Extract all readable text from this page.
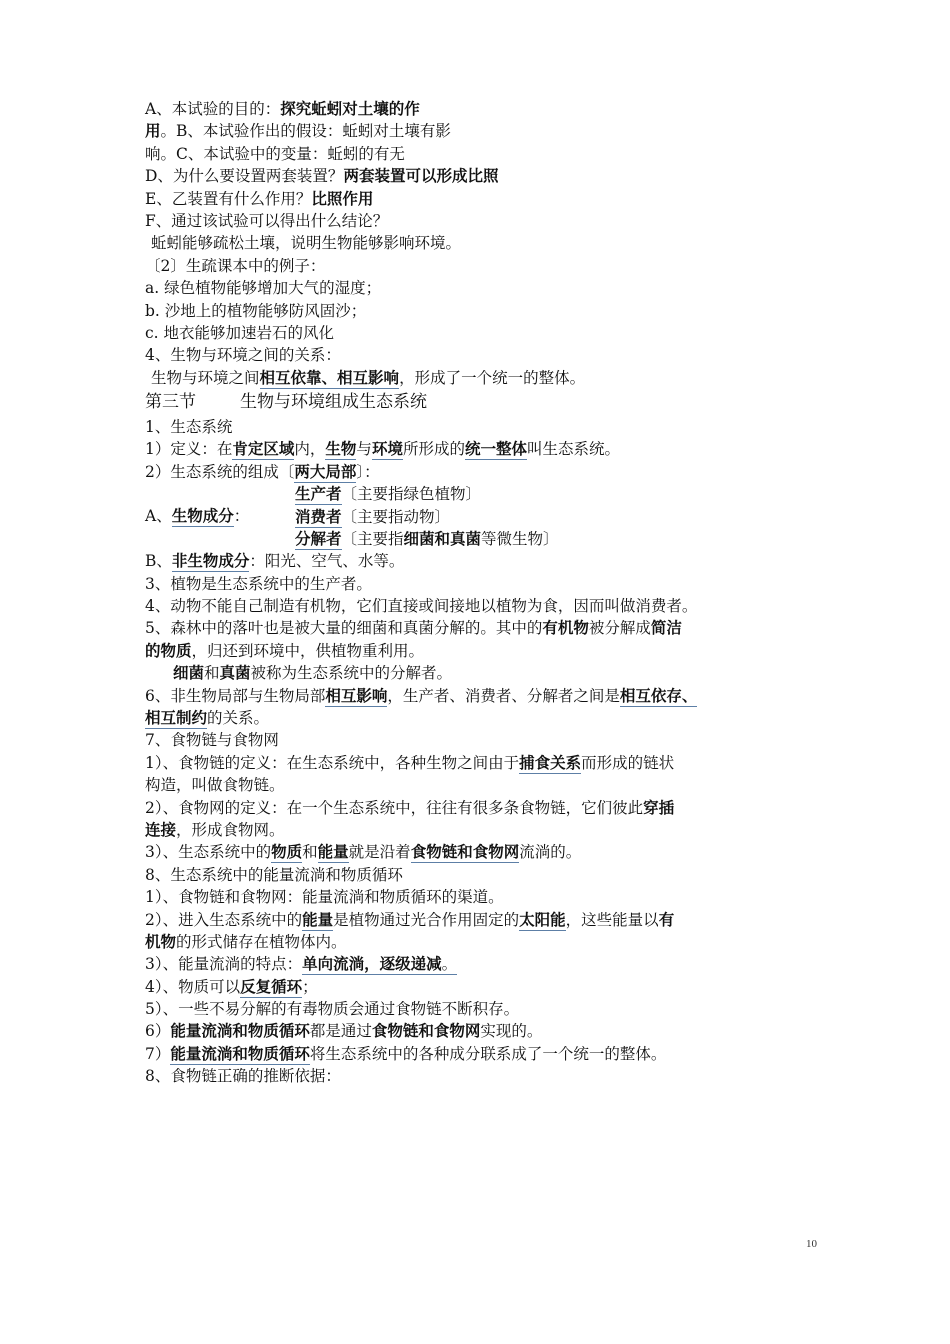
A、本试验的目的：探究蚯蚓对土壤的作
用。B、本试验作出的假设：蚯蚓对土壤有影
响。C、本试验中的变量：蚯蚓的有无
D、为什么要设置两套装置？两套装置可以形成比照
E、乙装置有什么作用？比照作用
F、通过该试验可以得出什么结论？
蚯蚓能够疏松土壤，说明生物能够影响环境。
〔2〕生疏课本中的例子：
a. 绿色植物能够增加大气的湿度；
b. 沙地上的植物能够防风固沙；
c. 地衣能够加速岩石的风化
4、生物与环境之间的关系：
生物与环境之间相互依靠、相互影响，形成了一个统一的整体。
第三节	生物与环境组成生态系统
1、生态系统
1）定义：在肯定区域内，生物与环境所形成的统一整体叫生态系统。
2）生态系统的组成〔两大局部〕：
A、生物成分：
生产者〔主要指绿色植物〕
消费者〔主要指动物〕
分解者〔主要指细菌和真菌等微生物〕
B、非生物成分：阳光、空气、水等。
3、植物是生态系统中的生产者。
4、动物不能自己制造有机物，它们直接或间接地以植物为食，因而叫做消费者。
5、森林中的落叶也是被大量的细菌和真菌分解的。其中的有机物被分解成简洁
的物质，归还到环境中，供植物重利用。
细菌和真菌被称为生态系统中的分解者。
6、非生物局部与生物局部相互影响，生产者、消费者、分解者之间是相互依存、
相互制约的关系。
7、食物链与食物网
1）、食物链的定义：在生态系统中，各种生物之间由于捕食关系而形成的链状
构造，叫做食物链。
2）、食物网的定义：在一个生态系统中，往往有很多条食物链，它们彼此穿插
连接，形成食物网。
3）、生态系统中的物质和能量就是沿着食物链和食物网流淌的。
8、生态系统中的能量流淌和物质循环
1）、食物链和食物网：能量流淌和物质循环的渠道。
2）、进入生态系统中的能量是植物通过光合作用固定的太阳能，这些能量以有
机物的形式储存在植物体内。
3）、能量流淌的特点：单向流淌，逐级递减。
4）、物质可以反复循环；
5）、一些不易分解的有毒物质会通过食物链不断积存。
6）能量流淌和物质循环都是通过食物链和食物网实现的。
7）能量流淌和物质循环将生态系统中的各种成分联系成了一个统一的整体。
8、食物链正确的推断依据：
10
